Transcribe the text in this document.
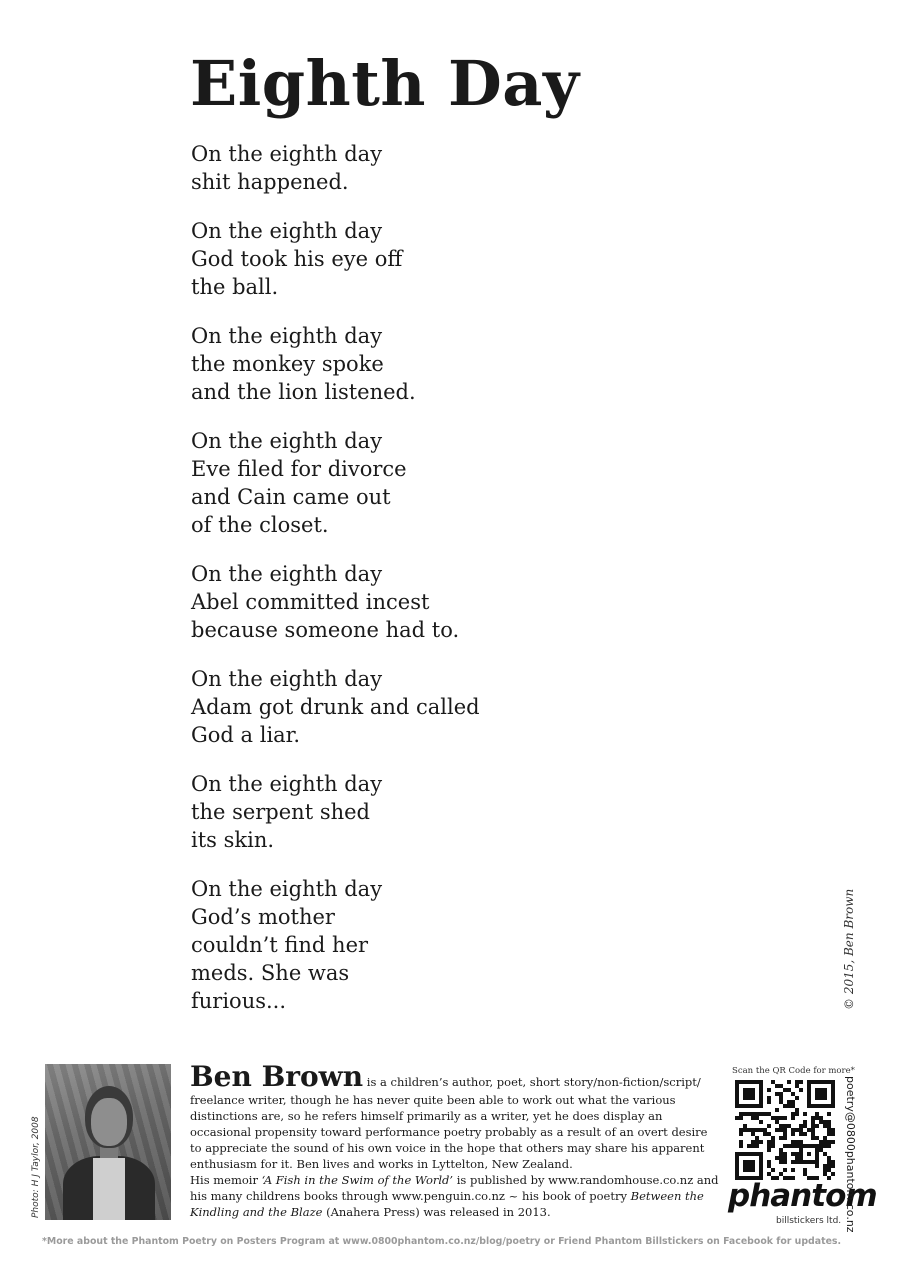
Eighth Day
On the eighth day
shit happened.
On the eighth day
God took his eye off
the ball.
On the eighth day
the monkey spoke
and the lion listened.
On the eighth day
Eve filed for divorce
and Cain came out
of the closet.
On the eighth day
Abel committed incest
because someone had to.
On the eighth day
Adam got drunk and called
God a liar.
On the eighth day
the serpent shed
its skin.
On the eighth day
God’s mother
couldn’t find her
meds. She was
furious...	© 2015, Ben Brown
Photo: H J Taylor, 2008

Ben Brown is a children’s author, poet, short story/non-fiction/script/ freelance writer, though he has never quite been able to work out what the various distinctions are, so he refers himself primarily as a writer, yet he does display an occasional propensity toward performance poetry probably as a result of an overt desire to appreciate the sound of his own voice in the hope that others may share his apparent enthusiasm for it. Ben lives and works in Lyttelton, New Zealand.
His memoir ‘A Fish in the Swim of the World’ is published by www.randomhouse.co.nz and his many childrens books through www.penguin.co.nz ~ his book of poetry Between the Kindling and the Blaze (Anahera Press) was released in 2013.

Scan the QR Code for more*
phantom
billstickers ltd. poetry@0800phantom.co.nz
*More about the Phantom Poetry on Posters Program at www.0800phantom.co.nz/blog/poetry or Friend Phantom Billstickers on Facebook for updates.
